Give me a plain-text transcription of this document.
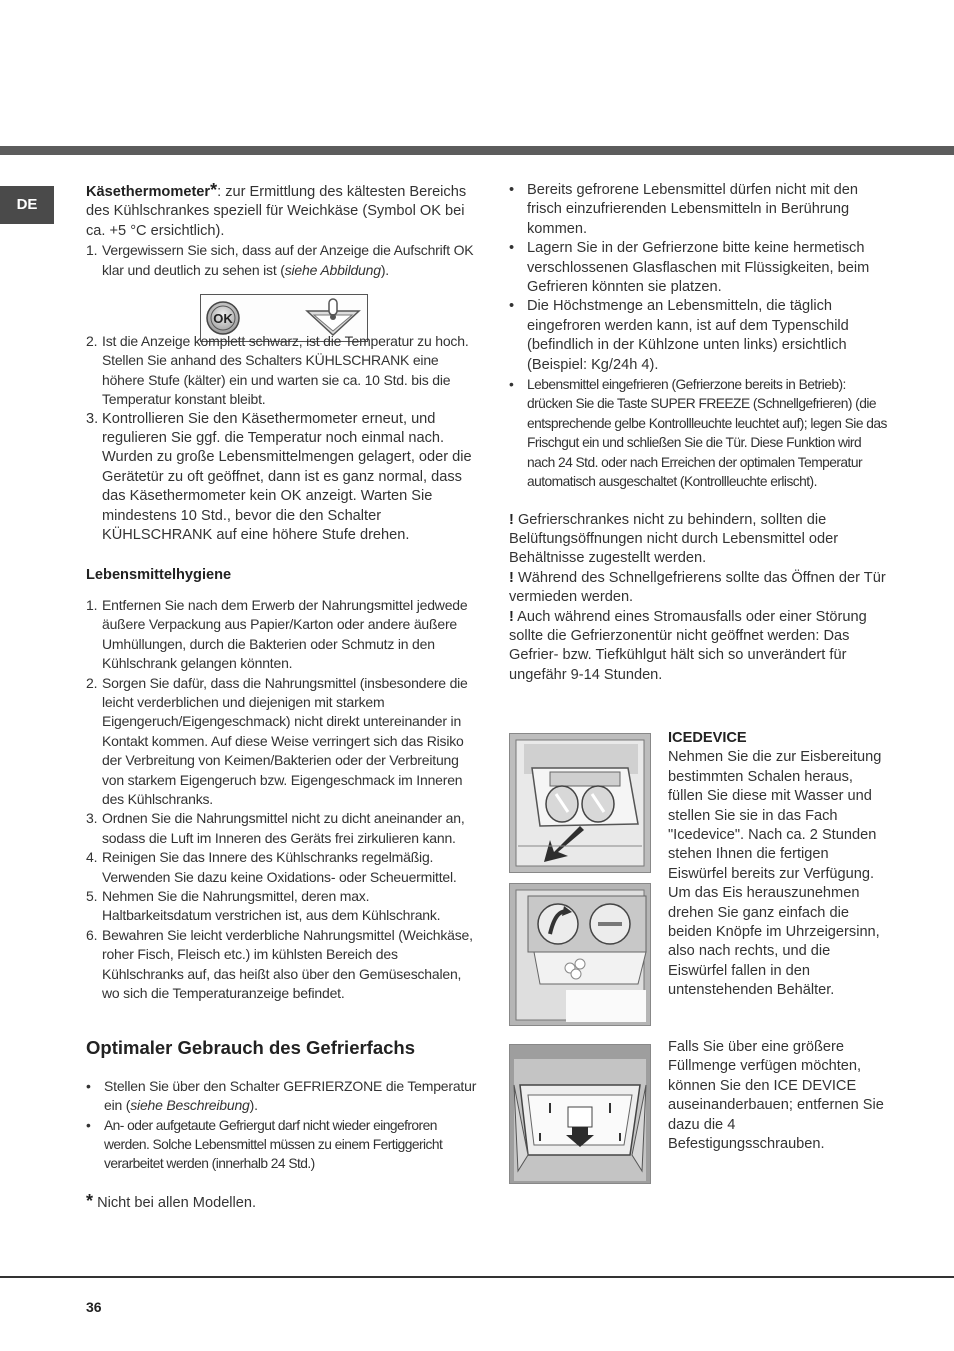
DE

Käsethermometer*: zur Ermittlung des kältesten Bereichs des Kühlschrankes speziell für Weichkäse (Symbol OK bei ca. +5 °C ersichtlich).

1. Vergewissern Sie sich, dass auf der Anzeige die Aufschrift OK klar und deutlich zu sehen ist (siehe Abbildung).
OK
2. Ist die Anzeige komplett schwarz, ist die Temperatur zu hoch. Stellen Sie anhand des Schalters KÜHLSCHRANK eine höhere Stufe (kälter) ein und warten sie ca. 10 Std. bis die Temperatur konstant bleibt.
3. Kontrollieren Sie den Käsethermometer erneut, und regulieren Sie ggf. die Temperatur noch einmal nach. Wurden zu große Lebensmittelmengen gelagert, oder die Gerätetür zu oft geöffnet, dann ist es ganz normal, dass das Käsethermometer kein OK anzeigt. Warten Sie mindestens 10 Std., bevor die den Schalter KÜHLSCHRANK auf eine höhere Stufe drehen.

Lebensmittelhygiene

1. Entfernen Sie nach dem Erwerb der Nahrungsmittel jedwede äußere Verpackung aus Papier/Karton oder andere äußere Umhüllungen, durch die Bakterien oder Schmutz in den Kühlschrank gelangen könnten.
2. Sorgen Sie dafür, dass die Nahrungsmittel (insbesondere die leicht verderblichen und diejenigen mit starkem Eigengeruch/Eigengeschmack) nicht direkt untereinander in Kontakt kommen. Auf diese Weise verringert sich das Risiko der Verbreitung von Keimen/Bakterien oder der Verbreitung von starkem Eigengeruch bzw. Eigengeschmack im Inneren des Kühlschranks.
3. Ordnen Sie die Nahrungsmittel nicht zu dicht aneinander an, sodass die Luft im Inneren des Geräts frei zirkulieren kann.
4. Reinigen Sie das Innere des Kühlschranks regelmäßig. Verwenden Sie dazu keine Oxidations- oder Scheuermittel.
5. Nehmen Sie die Nahrungsmittel, deren max. Haltbarkeitsdatum verstrichen ist, aus dem Kühlschrank.
6. Bewahren Sie leicht verderbliche Nahrungsmittel (Weichkäse, roher Fisch, Fleisch etc.) im kühlsten Bereich des Kühlschranks auf, das heißt also über den Gemüseschalen, wo sich die Temperaturanzeige befindet.

Optimaler Gebrauch des Gefrierfachs

• Stellen Sie über den Schalter GEFRIERZONE die Temperatur ein (siehe Beschreibung).
• An- oder aufgetaute Gefriergut darf nicht wieder eingefroren werden. Solche Lebensmittel müssen zu einem Fertiggericht verarbeitet werden (innerhalb 24 Std.)

* Nicht bei allen Modellen.

• Bereits gefrorene Lebensmittel dürfen nicht mit den frisch einzufrierenden Lebensmitteln in Berührung kommen.
• Lagern Sie in der Gefrierzone bitte keine hermetisch verschlossenen Glasflaschen mit Flüssigkeiten, beim Gefrieren könnten sie platzen.
• Die Höchstmenge an Lebensmitteln, die täglich eingefroren werden kann, ist auf dem Typenschild (befindlich in der Kühlzone unten links) ersichtlich (Beispiel: Kg/24h 4).
• Lebensmittel eingefrieren (Gefrierzone bereits in Betrieb): drücken Sie die Taste SUPER FREEZE (Schnellgefrieren) (die entsprechende gelbe Kontrollleuchte leuchtet auf); legen Sie das Frischgut ein und schließen Sie die Tür. Diese Funktion wird nach 24 Std. oder nach Erreichen der optimalen Temperatur automatisch ausgeschaltet (Kontrollleuchte erlischt).

! Gefrierschrankes nicht zu behindern, sollten die Belüftungsöffnungen nicht durch Lebensmittel oder Behältnisse zugestellt werden.

! Während des Schnellgefrierens sollte das Öffnen der Tür vermieden werden.

! Auch während eines Stromausfalls oder einer Störung sollte die Gefrierzonentür nicht geöffnet werden: Das Gefrier- bzw. Tiefkühlgut hält sich so unverändert für ungefähr 9-14 Stunden.

ICEDEVICE

Nehmen Sie die zur Eisbereitung bestimmten Schalen heraus, füllen Sie diese mit Wasser und stellen Sie sie in das Fach "Icedevice". Nach ca. 2 Stunden stehen Ihnen die fertigen Eiswürfel bereits zur Verfügung. Um das Eis herauszunehmen drehen Sie ganz einfach die beiden Knöpfe im Uhrzeigersinn, also nach rechts, und die Eiswürfel fallen in den untenstehenden Behälter.

Falls Sie über eine größere Füllmenge verfügen möchten, können Sie den ICE DEVICE auseinanderbauen; entfernen Sie dazu die 4 Befestigungsschrauben.

36
